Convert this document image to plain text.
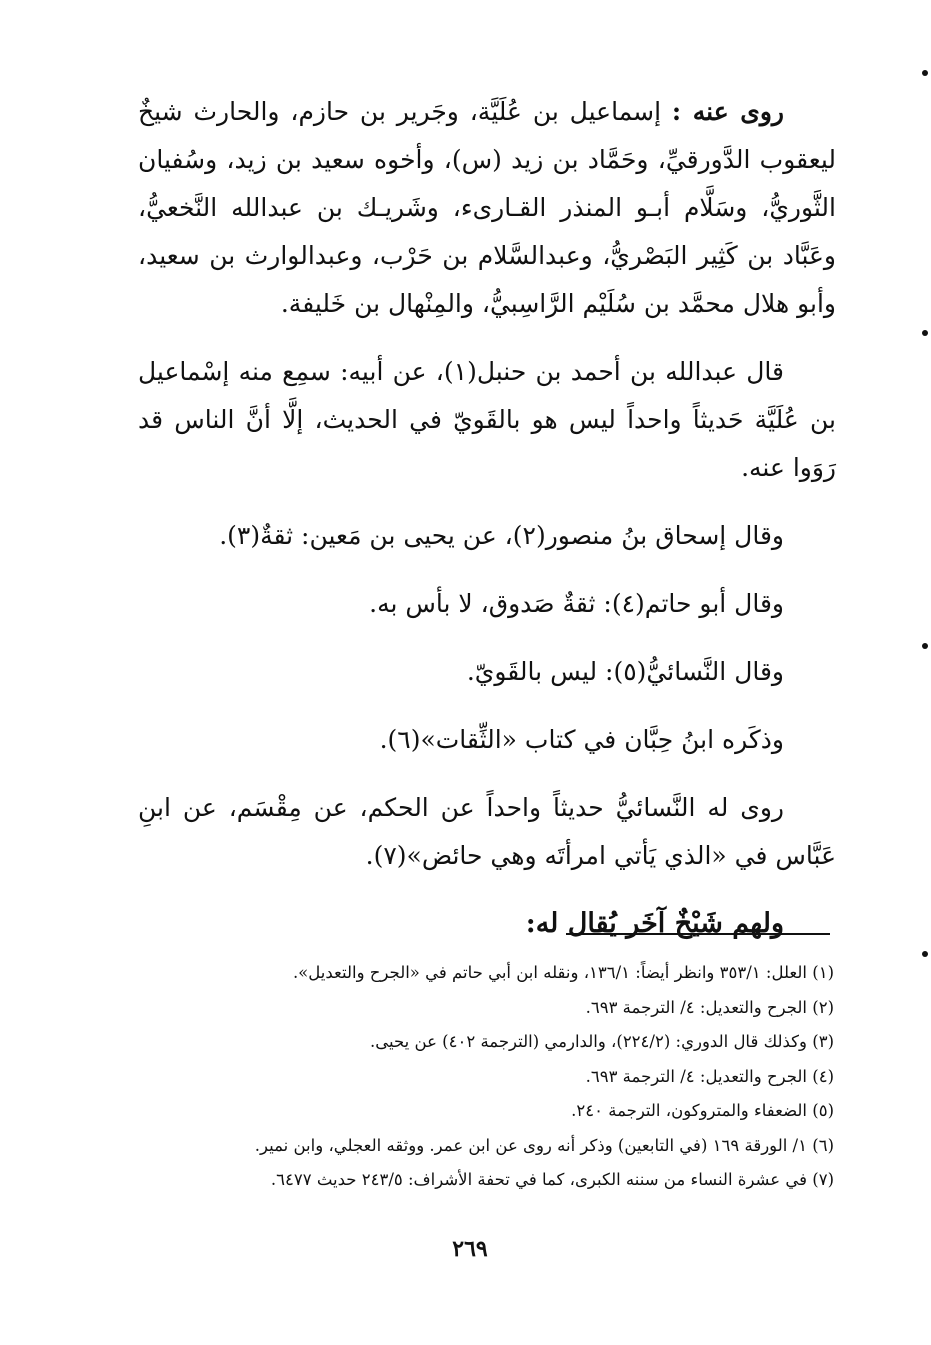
روى عنه : إسماعيل بن عُلَيَّة، وجَرير بن حازم، والحارث شيخٌ ليعقوب الدَّورقيِّ، وحَمَّاد بن زيد (س)، وأخوه سعيد بن زيد، وسُفيان الثَّوريُّ، وسَلَّام أبـو المنذر القـارىء، وشَريـك بن عبدالله النَّخعيُّ، وعَبَّاد بن كَثِير البَصْريُّ، وعبدالسَّلام بن حَرْب، وعبدالوارث بن سعيد، وأبو هلال محمَّد بن سُلَيْم الرَّاسِبيُّ، والمِنْهال بن خَليفة.

قال عبدالله بن أحمد بن حنبل(١)، عن أبيه: سمِع منه إسْماعيل بن عُلَيَّة حَديثاً واحداً ليس هو بالقَويّ في الحديث، إلَّا أنَّ الناس قد رَوَوا عنه.

وقال إسحاق بنُ منصور(٢)، عن يحيى بن مَعين: ثقةٌ(٣).

وقال أبو حاتم(٤): ثقةٌ صَدوق، لا بأس به.

وقال النَّسائيُّ(٥): ليس بالقَويّ.

وذكَره ابنُ حِبَّان في كتاب «الثِّقات»(٦).

روى له النَّسائيُّ حديثاً واحداً عن الحكم، عن مِقْسَم، عن ابنِ عَبَّاس في «الذي يَأتي امرأتَه وهي حائض»(٧).

ولهم شَيْخٌ آخَر يُقال له:

(١) العلل: ٣٥٣/١ وانظر أيضاً: ١٣٦/١، ونقله ابن أبي حاتم في «الجرح والتعديل».
(٢) الجرح والتعديل: ٤/ الترجمة ٦٩٣.
(٣) وكذلك قال الدوري: (٢٢٤/٢)، والدارمي (الترجمة ٤٠٢) عن يحيى.
(٤) الجرح والتعديل: ٤/ الترجمة ٦٩٣.
(٥) الضعفاء والمتروكون، الترجمة ٢٤٠.
(٦) ١/ الورقة ١٦٩ (في التابعين) وذكر أنه روى عن ابن عمر. ووثقه العجلي، وابن نمير.
(٧) في عشرة النساء من سننه الكبرى، كما في تحفة الأشراف: ٢٤٣/٥ حديث ٦٤٧٧.
٢٦٩
